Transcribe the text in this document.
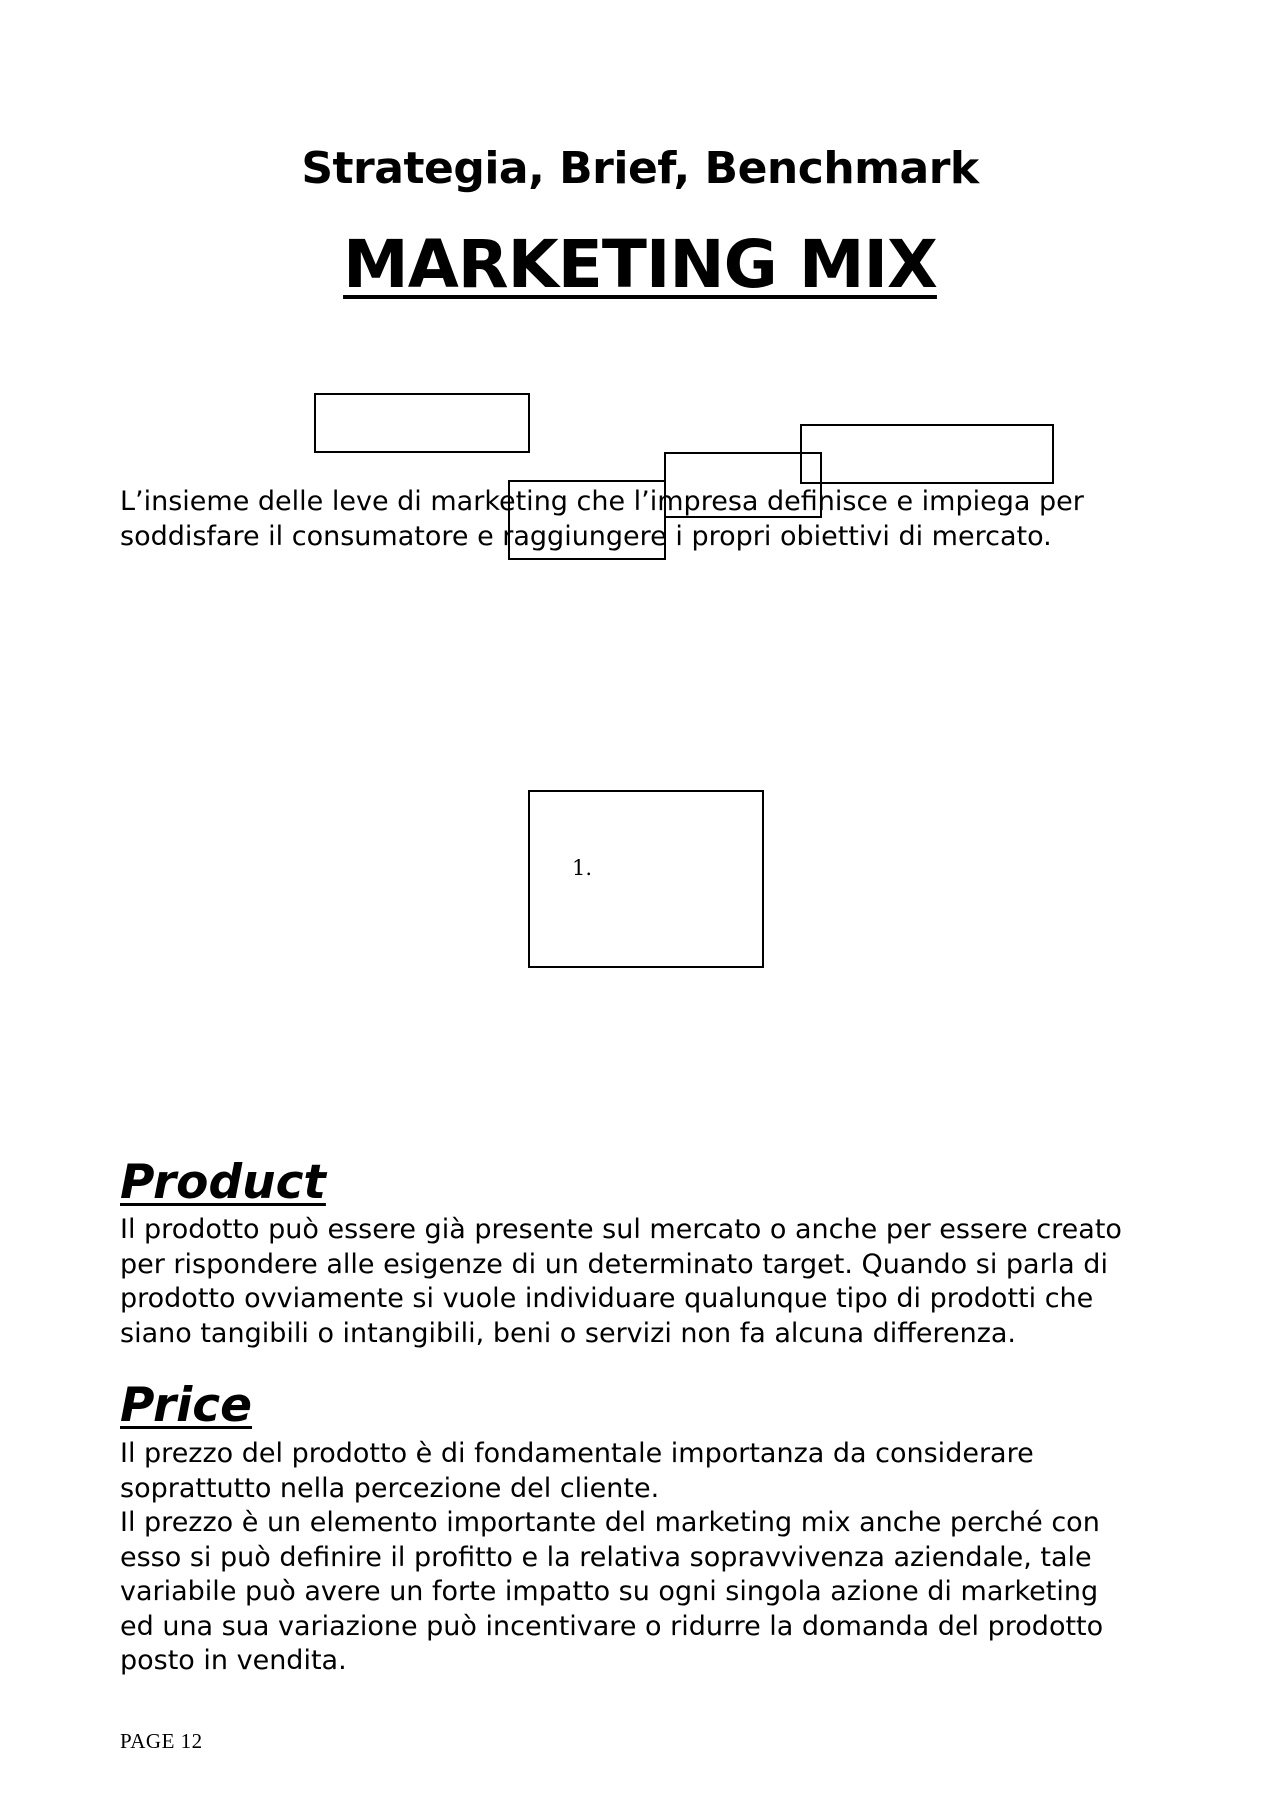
Strategia, Brief, Benchmark
MARKETING MIX
L’insieme delle leve di marketing che l’impresa definisce e impiega per
soddisfare il consumatore e raggiungere i propri obiettivi di mercato.
1.
Product

Il prodotto può essere già presente sul mercato o anche per essere creato

per rispondere alle esigenze di un determinato target. Quando si parla di

prodotto ovviamente si vuole individuare qualunque tipo di prodotti che

siano tangibili o intangibili, beni o servizi non fa alcuna differenza.

Price

Il prezzo del prodotto è di fondamentale importanza da considerare

soprattutto nella percezione del cliente.

Il prezzo è un elemento importante del marketing mix anche perché con

esso si può definire il profitto e la relativa sopravvivenza aziendale, tale

variabile può avere un forte impatto su ogni singola azione di marketing

ed una sua variazione può incentivare o ridurre la domanda del prodotto

posto in vendita.

PAGE 12
